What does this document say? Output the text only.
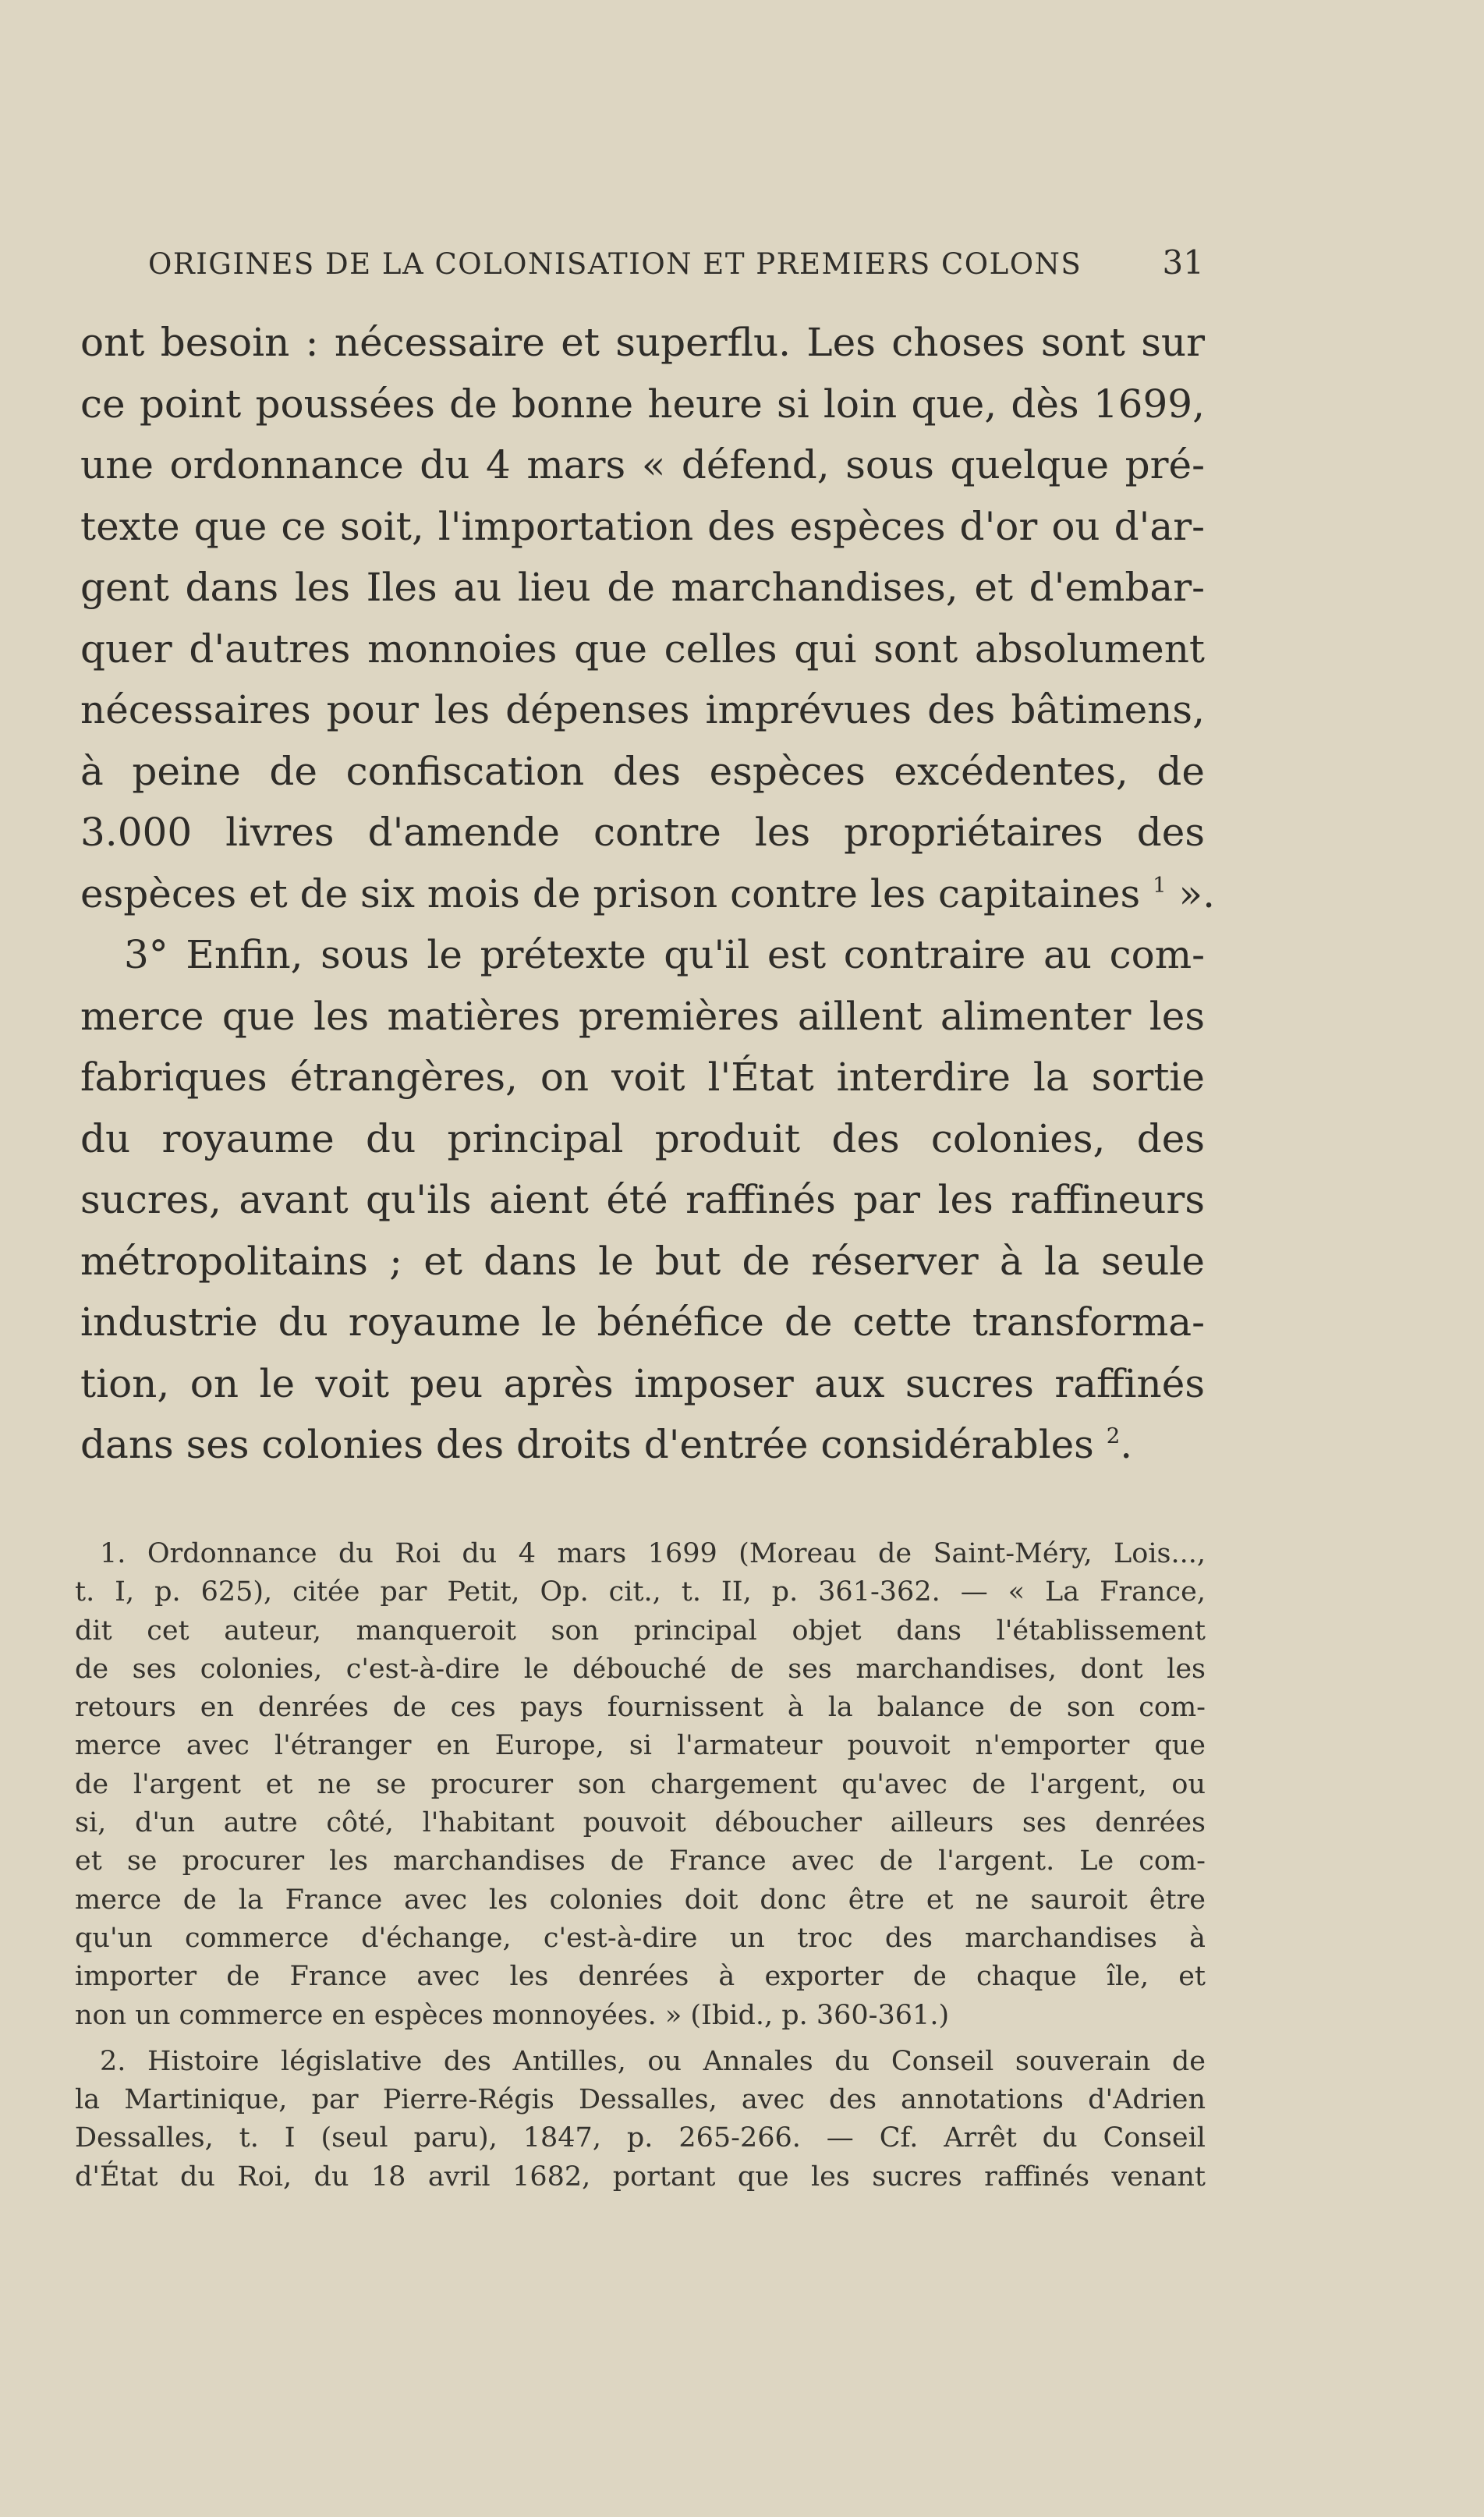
ORIGINES DE LA COLONISATION ET PREMIERS COLONS 31
ont besoin : nécessaire et superflu. Les choses sont sur
ce point poussées de bonne heure si loin que, dès 1699,
une ordonnance du 4 mars « défend, sous quelque pré-
texte que ce soit, l'importation des espèces d'or ou d'ar-
gent dans les Iles au lieu de marchandises, et d'embar-
quer d'autres monnoies que celles qui sont absolument
nécessaires pour les dépenses imprévues des bâtimens,
à peine de confiscation des espèces excédentes, de
3.000 livres d'amende contre les propriétaires des
espèces et de six mois de prison contre les capitaines $^1$ ».
3° Enfin, sous le prétexte qu'il est contraire au com-
merce que les matières premières aillent alimenter les
fabriques étrangères, on voit l'État interdire la sortie
du royaume du principal produit des colonies, des
sucres, avant qu'ils aient été raffinés par les raffineurs
métropolitains ; et dans le but de réserver à la seule
industrie du royaume le bénéfice de cette transforma-
tion, on le voit peu après imposer aux sucres raffinés
dans ses colonies des droits d'entrée considérables $^2$.
1. Ordonnance du Roi du 4 mars 1699 (Moreau de Saint-Méry, Lois...,
t. I, p. 625), citée par Petit, Op. cit., t. II, p. 361-362. — « La France,
dit cet auteur, manqueroit son principal objet dans l'établissement
de ses colonies, c'est-à-dire le débouché de ses marchandises, dont les
retours en denrées de ces pays fournissent à la balance de son com-
merce avec l'étranger en Europe, si l'armateur pouvoit n'emporter que
de l'argent et ne se procurer son chargement qu'avec de l'argent, ou
si, d'un autre côté, l'habitant pouvoit déboucher ailleurs ses denrées
et se procurer les marchandises de France avec de l'argent. Le com-
merce de la France avec les colonies doit donc être et ne sauroit être
qu'un commerce d'échange, c'est-à-dire un troc des marchandises à
importer de France avec les denrées à exporter de chaque île, et
non un commerce en espèces monnoyées. » (Ibid., p. 360-361.)
2. Histoire législative des Antilles, ou Annales du Conseil souverain de
la Martinique, par Pierre-Régis Dessalles, avec des annotations d'Adrien
Dessalles, t. I (seul paru), 1847, p. 265-266. — Cf. Arrêt du Conseil
d'État du Roi, du 18 avril 1682, portant que les sucres raffinés venant
